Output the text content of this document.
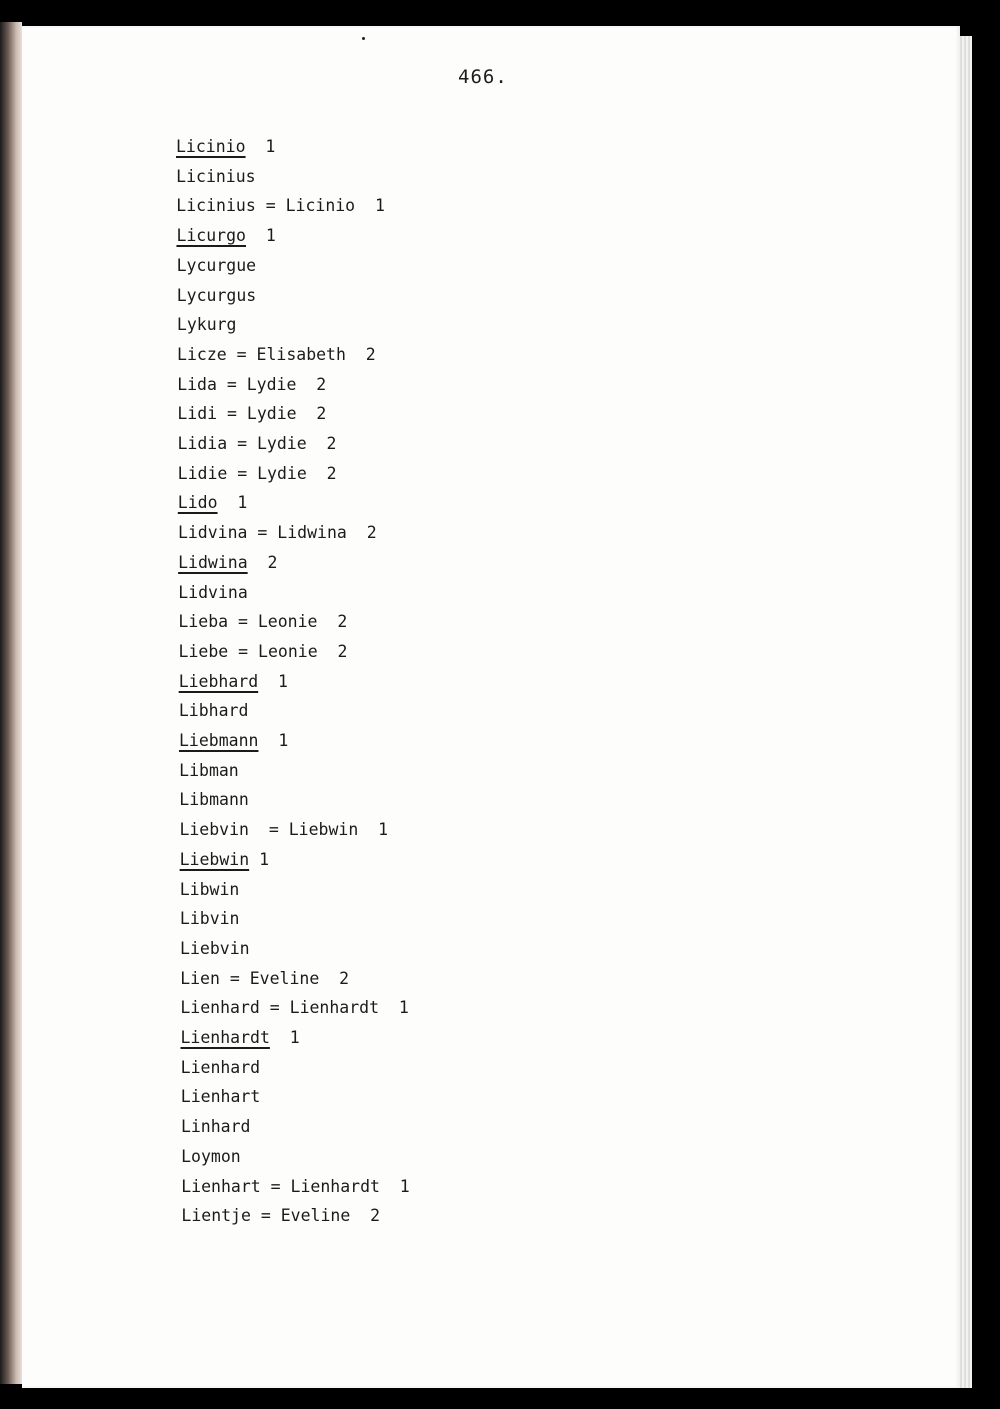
466.
Licinio  1
Licinius
Licinius = Licinio  1
Licurgo  1
Lycurgue
Lycurgus
Lykurg
Licze = Elisabeth  2
Lida = Lydie  2
Lidi = Lydie  2
Lidia = Lydie  2
Lidie = Lydie  2
Lido  1
Lidvina = Lidwina  2
Lidwina  2
Lidvina
Lieba = Leonie  2
Liebe = Leonie  2
Liebhard  1
Libhard
Liebmann  1
Libman
Libmann
Liebvin  = Liebwin  1
Liebwin 1
Libwin
Libvin
Liebvin
Lien = Eveline  2
Lienhard = Lienhardt  1
Lienhardt  1
Lienhard
Lienhart
Linhard
Loymon
Lienhart = Lienhardt  1
Lientje = Eveline  2
